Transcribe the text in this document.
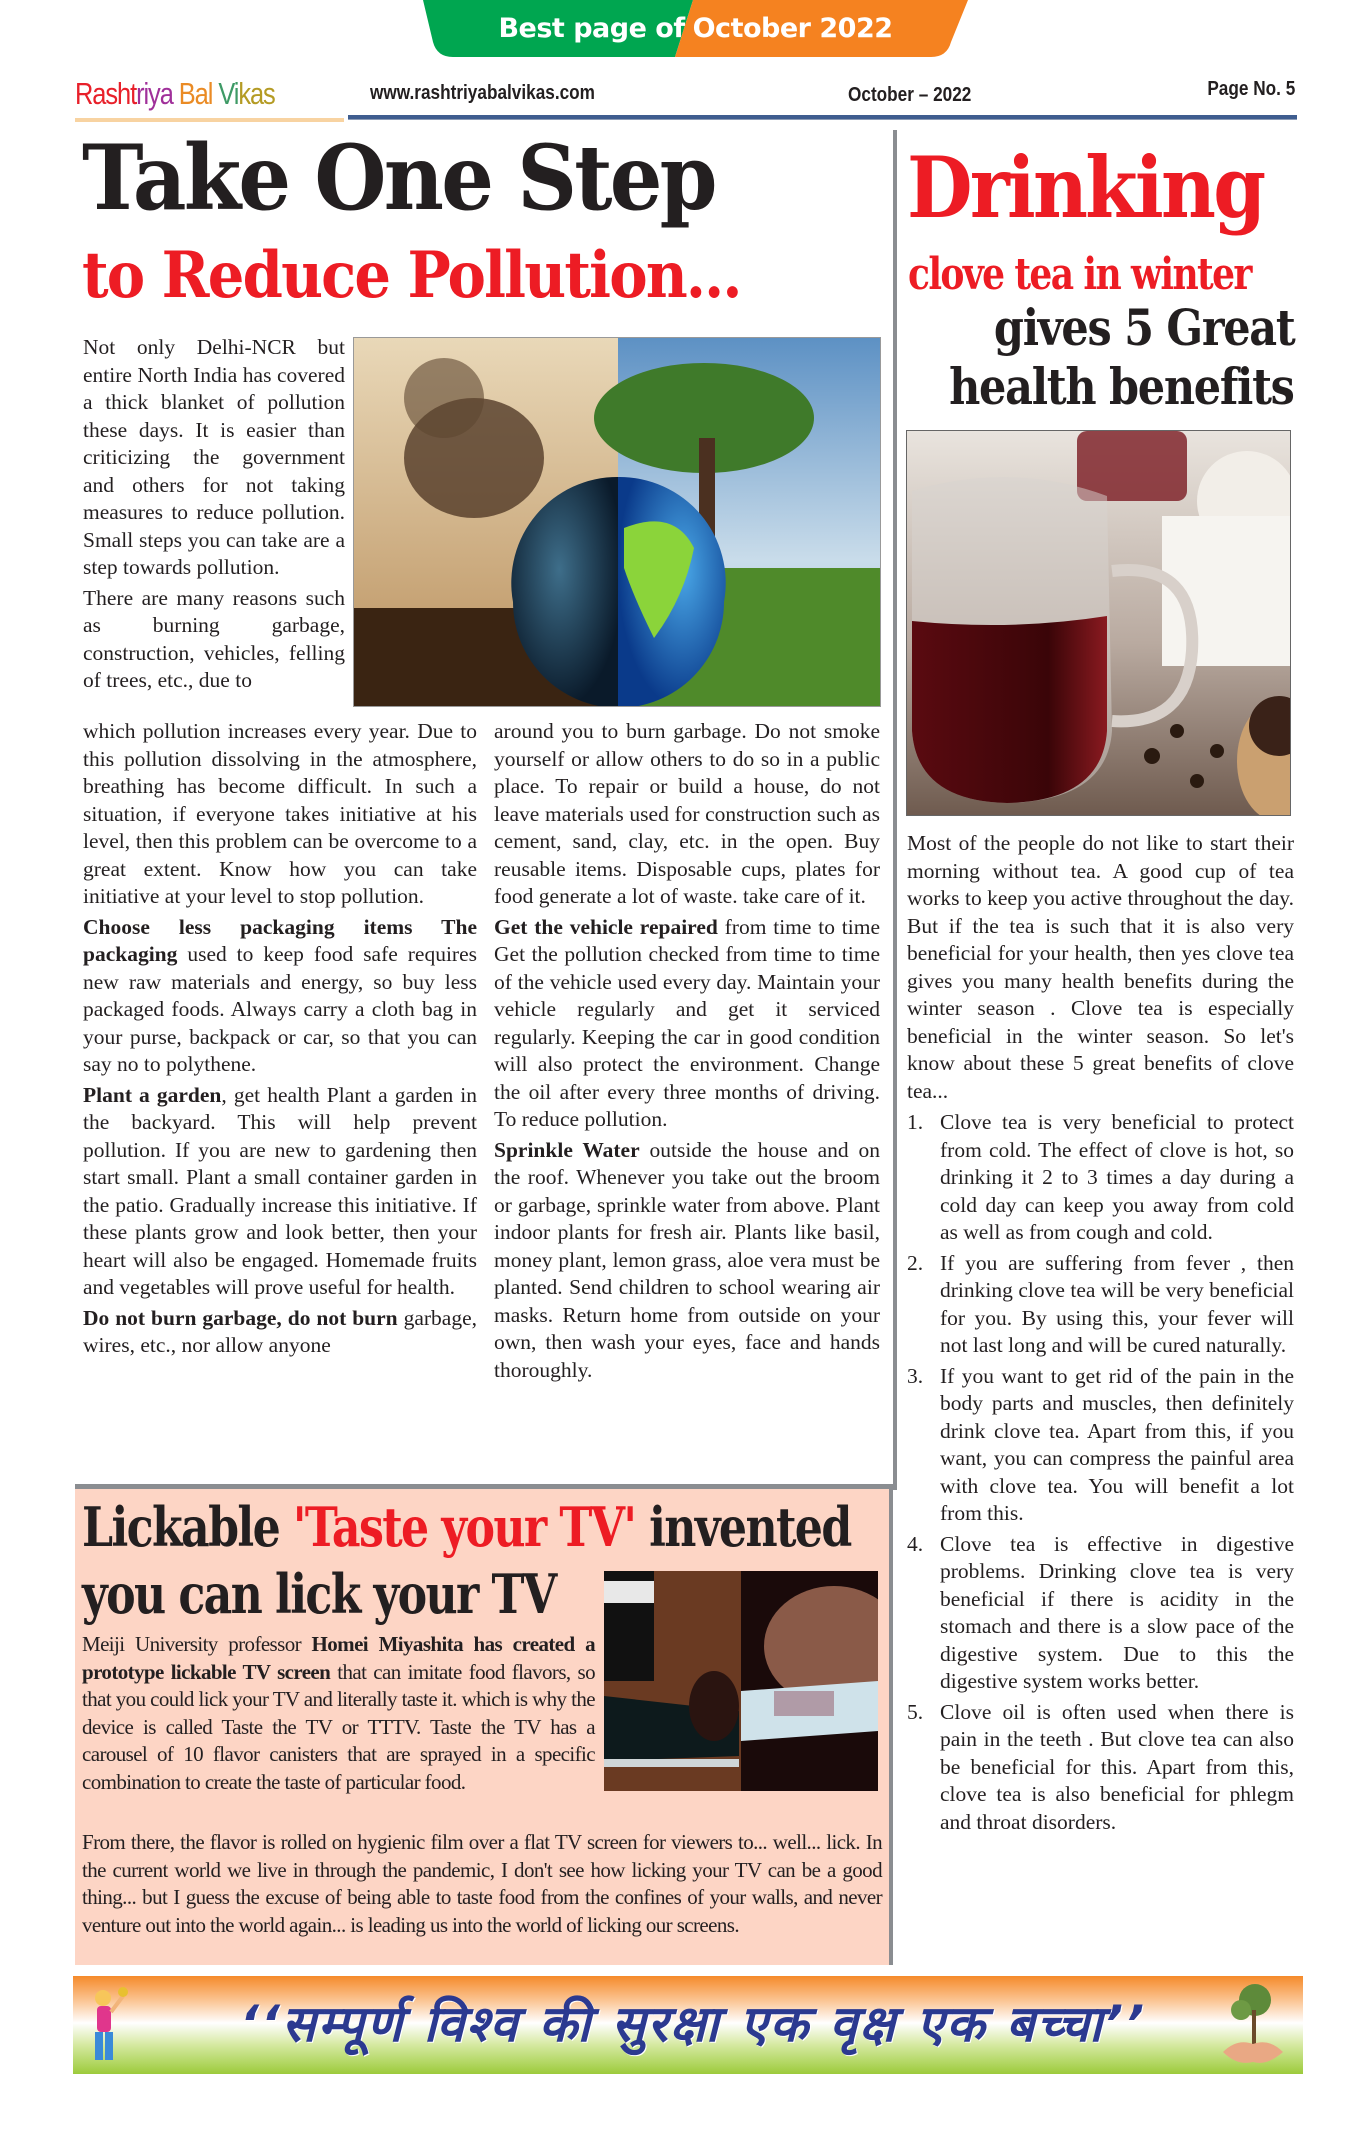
Best page of October 2022
Rashtriya Bal Vikas	www.rashtriyabalvikas.com	October – 2022	Page No. 5
Take One Step
to Reduce Pollution...

Not only Delhi-NCR but entire North India has covered a thick blanket of pollution these days. It is easier than criticizing the government and others for not taking measures to reduce pollution. Small steps you can take are a step towards pollution.

There are many reasons such as burning garbage, construction, vehicles, felling of trees, etc., due to

which pollution increases every year. Due to this pollution dissolving in the atmosphere, breathing has become difficult. In such a situation, if everyone takes initiative at his level, then this problem can be overcome to a great extent. Know how you can take initiative at your level to stop pollution.

Choose less packaging items The packaging used to keep food safe requires new raw materials and energy, so buy less packaged foods. Always carry a cloth bag in your purse, backpack or car, so that you can say no to polythene.

Plant a garden, get health Plant a garden in the backyard. This will help prevent pollution. If you are new to gardening then start small. Plant a small container garden in the patio. Gradually increase this initiative. If these plants grow and look better, then your heart will also be engaged. Homemade fruits and vegetables will prove useful for health.

Do not burn garbage, do not burn garbage, wires, etc., nor allow anyone

around you to burn garbage. Do not smoke yourself or allow others to do so in a public place. To repair or build a house, do not leave materials used for construction such as cement, sand, clay, etc. in the open. Buy reusable items. Disposable cups, plates for food generate a lot of waste. take care of it.

Get the vehicle repaired from time to time Get the pollution checked from time to time of the vehicle used every day. Maintain your vehicle regularly and get it serviced regularly. Keeping the car in good condition will also protect the environment. Change the oil after every three months of driving. To reduce pollution.

Sprinkle Water outside the house and on the roof. Whenever you take out the broom or garbage, sprinkle water from above. Plant indoor plants for fresh air. Plants like basil, money plant, lemon grass, aloe vera must be planted. Send children to school wearing air masks. Return home from outside on your own, then wash your eyes, face and hands thoroughly.

Drinking
clove tea in winter
gives 5 Great
health benefits

Most of the people do not like to start their morning without tea. A good cup of tea works to keep you active throughout the day. But if the tea is such that it is also very beneficial for your health, then yes clove tea gives you many health benefits during the winter season . Clove tea is especially beneficial in the winter season. So let's know about these 5 great benefits of clove tea...

1. Clove tea is very beneficial to protect from cold. The effect of clove is hot, so drinking it 2 to 3 times a day during a cold day can keep you away from cold as well as from cough and cold.
2. If you are suffering from fever , then drinking clove tea will be very beneficial for you. By using this, your fever will not last long and will be cured naturally.
3. If you want to get rid of the pain in the body parts and muscles, then definitely drink clove tea. Apart from this, if you want, you can compress the painful area with clove tea. You will benefit a lot from this.
4. Clove tea is effective in digestive problems. Drinking clove tea is very beneficial if there is acidity in the stomach and there is a slow pace of the digestive system. Due to this the digestive system works better.
5. Clove oil is often used when there is pain in the teeth . But clove tea can also be beneficial for this. Apart from this, clove tea is also beneficial for phlegm and throat disorders.
Lickable 'Taste your TV' invented
you can lick your TV
Meiji University professor Homei Miyashita has created a prototype lickable TV screen that can imitate food flavors, so that you could lick your TV and literally taste it. which is why the device is called Taste the TV or TTTV. Taste the TV has a carousel of 10 flavor canisters that are sprayed in a specific combination to create the taste of particular food.
From there, the flavor is rolled on hygienic film over a flat TV screen for viewers to... well... lick. In the current world we live in through the pandemic, I don't see how licking your TV can be a good thing... but I guess the excuse of being able to taste food from the confines of your walls, and never venture out into the world again... is leading us into the world of licking our screens.
‘‘सम्पूर्ण विश्व की सुरक्षा एक वृक्ष एक बच्चा’’
